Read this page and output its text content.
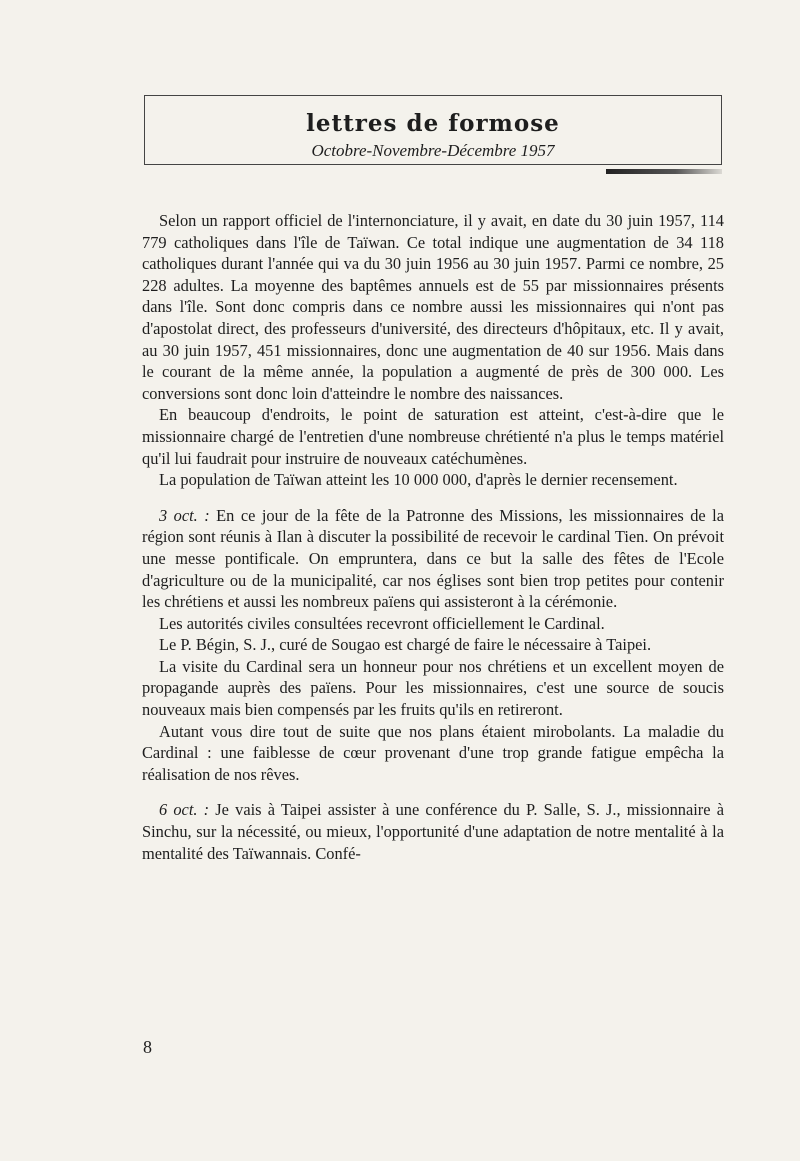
lettres de formose
Octobre-Novembre-Décembre 1957

Selon un rapport officiel de l'internonciature, il y avait, en date du 30 juin 1957, 114 779 catholiques dans l'île de Taïwan. Ce total indique une augmentation de 34 118 catholiques durant l'année qui va du 30 juin 1956 au 30 juin 1957. Parmi ce nombre, 25 228 adultes. La moyenne des baptêmes annuels est de 55 par missionnaires présents dans l'île. Sont donc compris dans ce nombre aussi les missionnaires qui n'ont pas d'apostolat direct, des professeurs d'université, des directeurs d'hôpitaux, etc. Il y avait, au 30 juin 1957, 451 missionnaires, donc une augmentation de 40 sur 1956. Mais dans le courant de la même année, la population a augmenté de près de 300 000. Les conversions sont donc loin d'atteindre le nombre des naissances.

En beaucoup d'endroits, le point de saturation est atteint, c'est-à-dire que le missionnaire chargé de l'entretien d'une nombreuse chrétienté n'a plus le temps matériel qu'il lui faudrait pour instruire de nouveaux catéchumènes.

La population de Taïwan atteint les 10 000 000, d'après le dernier recensement.

3 oct. : En ce jour de la fête de la Patronne des Missions, les missionnaires de la région sont réunis à Ilan à discuter la possibilité de recevoir le cardinal Tien. On prévoit une messe pontificale. On empruntera, dans ce but la salle des fêtes de l'Ecole d'agriculture ou de la municipalité, car nos églises sont bien trop petites pour contenir les chrétiens et aussi les nombreux païens qui assisteront à la cérémonie.

Les autorités civiles consultées recevront officiellement le Cardinal.

Le P. Bégin, S. J., curé de Sougao est chargé de faire le nécessaire à Taipei.

La visite du Cardinal sera un honneur pour nos chrétiens et un excellent moyen de propagande auprès des païens. Pour les missionnaires, c'est une source de soucis nouveaux mais bien compensés par les fruits qu'ils en retireront.

Autant vous dire tout de suite que nos plans étaient mirobolants. La maladie du Cardinal : une faiblesse de cœur provenant d'une trop grande fatigue empêcha la réalisation de nos rêves.

6 oct. : Je vais à Taipei assister à une conférence du P. Salle, S. J., missionnaire à Sinchu, sur la nécessité, ou mieux, l'opportunité d'une adaptation de notre mentalité à la mentalité des Taïwannais. Confé-

8
